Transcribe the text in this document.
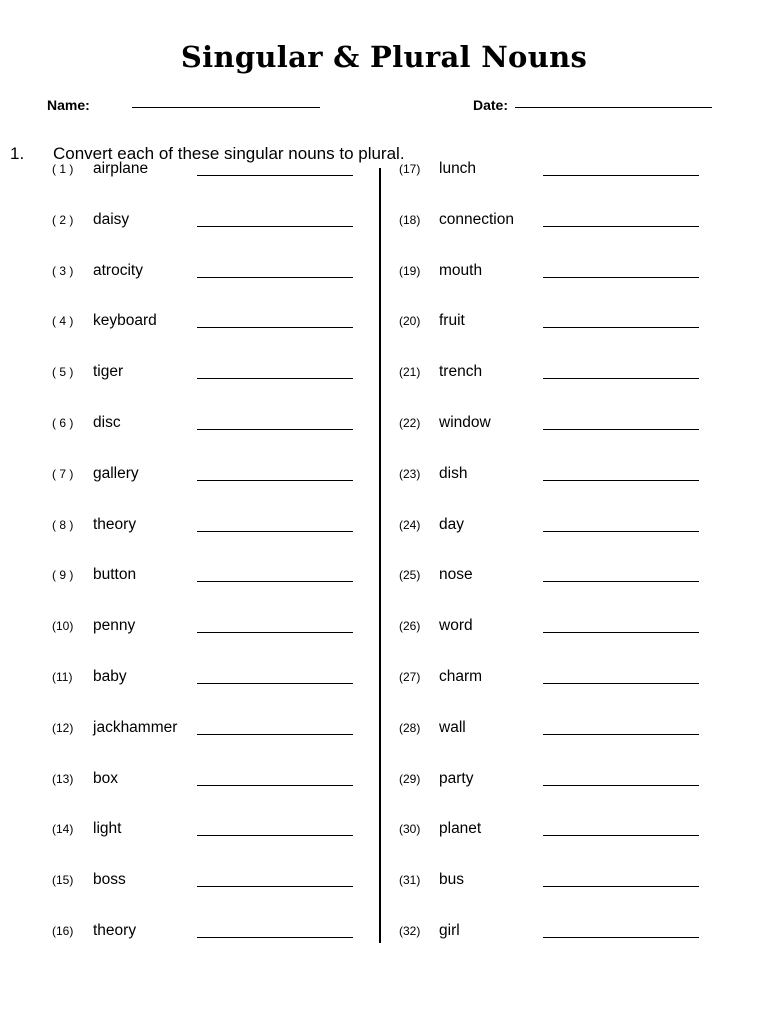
Singular & Plural Nouns
Name:	Date:
1. Convert each of these singular nouns to plural.
( 1 ) airplane
( 2 ) daisy
( 3 ) atrocity
( 4 ) keyboard
( 5 ) tiger
( 6 ) disc
( 7 ) gallery
( 8 ) theory
( 9 ) button
(10) penny
(11) baby
(12) jackhammer
(13) box
(14) light
(15) boss
(16) theory
(17) lunch
(18) connection
(19) mouth
(20) fruit
(21) trench
(22) window
(23) dish
(24) day
(25) nose
(26) word
(27) charm
(28) wall
(29) party
(30) planet
(31) bus
(32) girl
